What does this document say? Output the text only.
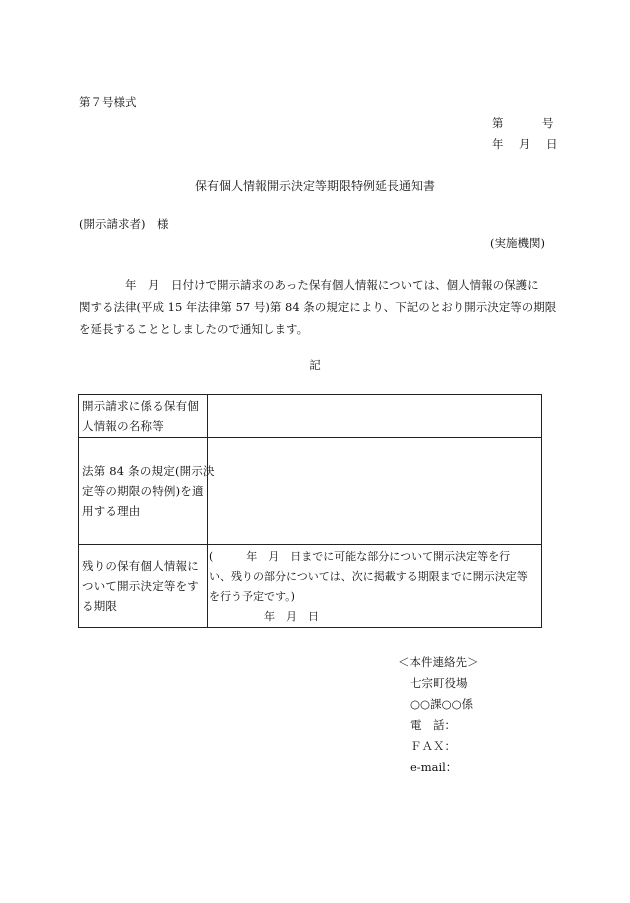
第７号様式
第　　　号
年　月　日
保有個人情報開示決定等期限特例延長通知書
(開示請求者)　様
(実施機関)
　　　　年　月　日付けで開示請求のあった保有個人情報については、個人情報の保護に
関する法律(平成 15 年法律第 57 号)第 84 条の規定により、下記のとおり開示決定等の期限
を延長することとしましたので通知します。
記
開示請求に係る保有個
人情報の名称等	

法第 84 条の規定(開示決
定等の期限の特例)を適
用する理由	

残りの保有個人情報に
ついて開示決定等をす
る期限	(　　　年　月　日までに可能な部分について開示決定等を行
い、残りの部分については、次に掲載する期限までに開示決定等
を行う予定です。)
　　　　　年　月　日
＜本件連絡先＞
七宗町役場
○○課○○係
電　話：
ＦＡＸ：
e-mail：
